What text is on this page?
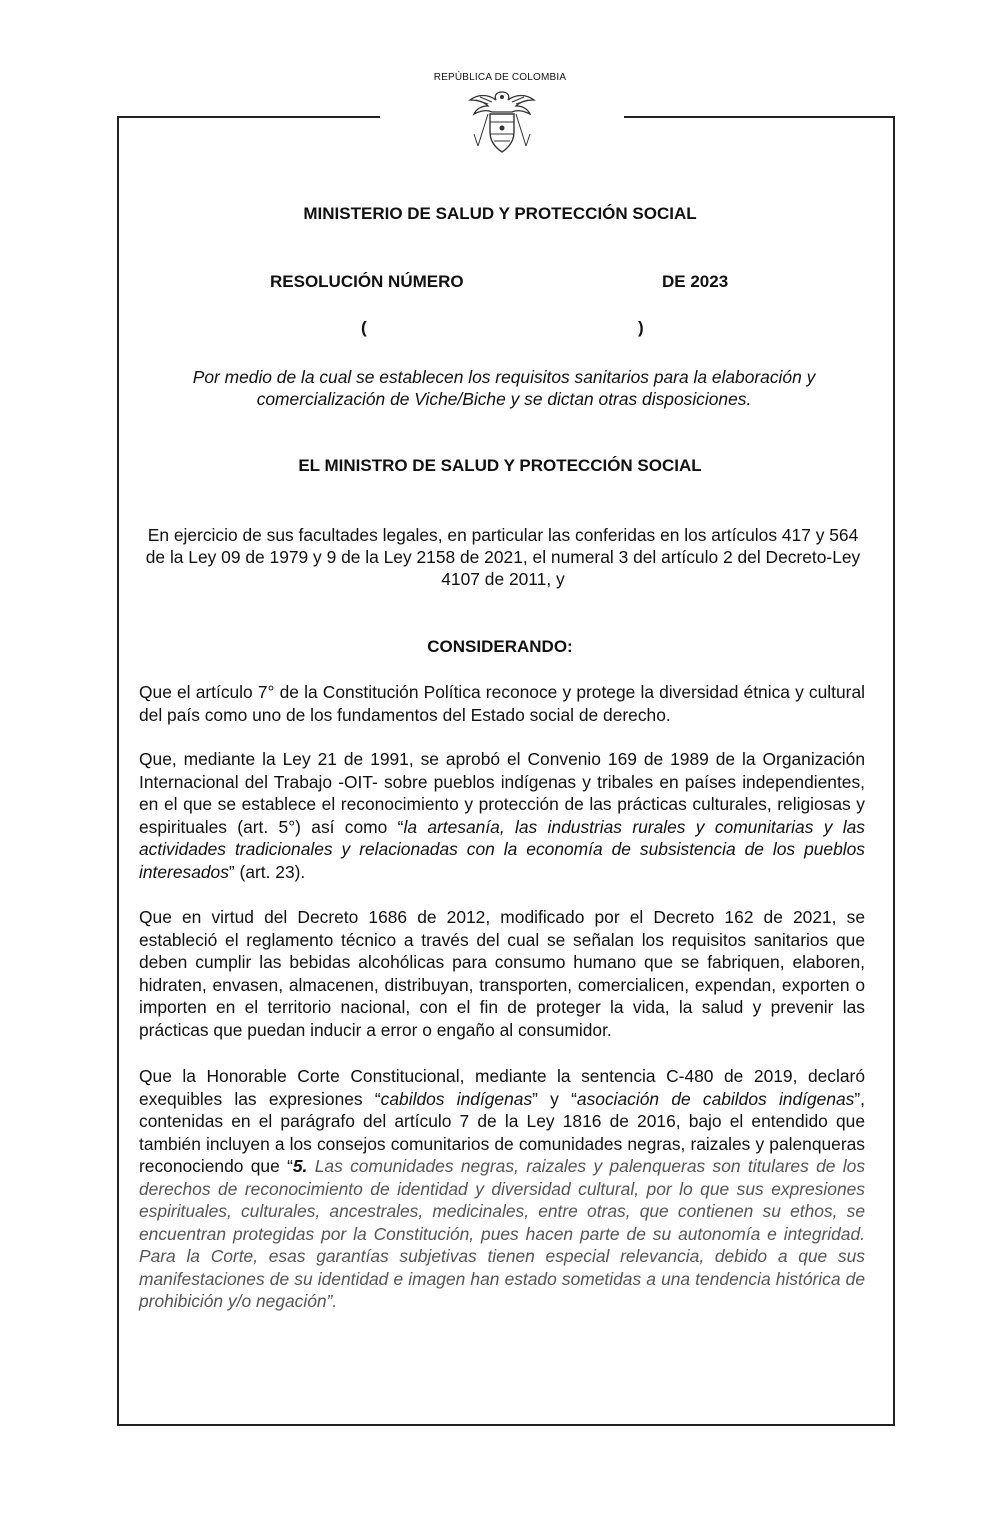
REPÚBLICA DE COLOMBIA
MINISTERIO DE SALUD Y PROTECCIÓN SOCIAL
RESOLUCIÓN NÚMERO	DE 2023
(	)
Por medio de la cual se establecen los requisitos sanitarios para la elaboración y comercialización de Viche/Biche y se dictan otras disposiciones.
EL MINISTRO DE SALUD Y PROTECCIÓN SOCIAL
En ejercicio de sus facultades legales, en particular las conferidas en los artículos 417 y 564 de la Ley 09 de 1979 y 9 de la Ley 2158 de 2021, el numeral 3 del artículo 2 del Decreto-Ley 4107 de 2011, y
CONSIDERANDO:

Que el artículo 7° de la Constitución Política reconoce y protege la diversidad étnica y cultural del país como uno de los fundamentos del Estado social de derecho.

Que, mediante la Ley 21 de 1991, se aprobó el Convenio 169 de 1989 de la Organización Internacional del Trabajo -OIT- sobre pueblos indígenas y tribales en países independientes, en el que se establece el reconocimiento y protección de las prácticas culturales, religiosas y espirituales (art. 5°) así como “la artesanía, las industrias rurales y comunitarias y las actividades tradicionales y relacionadas con la economía de subsistencia de los pueblos interesados” (art. 23).

Que en virtud del Decreto 1686 de 2012, modificado por el Decreto 162 de 2021, se estableció el reglamento técnico a través del cual se señalan los requisitos sanitarios que deben cumplir las bebidas alcohólicas para consumo humano que se fabriquen, elaboren, hidraten, envasen, almacenen, distribuyan, transporten, comercialicen, expendan, exporten o importen en el territorio nacional, con el fin de proteger la vida, la salud y prevenir las prácticas que puedan inducir a error o engaño al consumidor.

Que la Honorable Corte Constitucional, mediante la sentencia C-480 de 2019, declaró exequibles las expresiones “cabildos indígenas” y “asociación de cabildos indígenas”, contenidas en el parágrafo del artículo 7 de la Ley 1816 de 2016, bajo el entendido que también incluyen a los consejos comunitarios de comunidades negras, raizales y palenqueras reconociendo que “5. Las comunidades negras, raizales y palenqueras son titulares de los derechos de reconocimiento de identidad y diversidad cultural, por lo que sus expresiones espirituales, culturales, ancestrales, medicinales, entre otras, que contienen su ethos, se encuentran protegidas por la Constitución, pues hacen parte de su autonomía e integridad. Para la Corte, esas garantías subjetivas tienen especial relevancia, debido a que sus manifestaciones de su identidad e imagen han estado sometidas a una tendencia histórica de prohibición y/o negación”.
